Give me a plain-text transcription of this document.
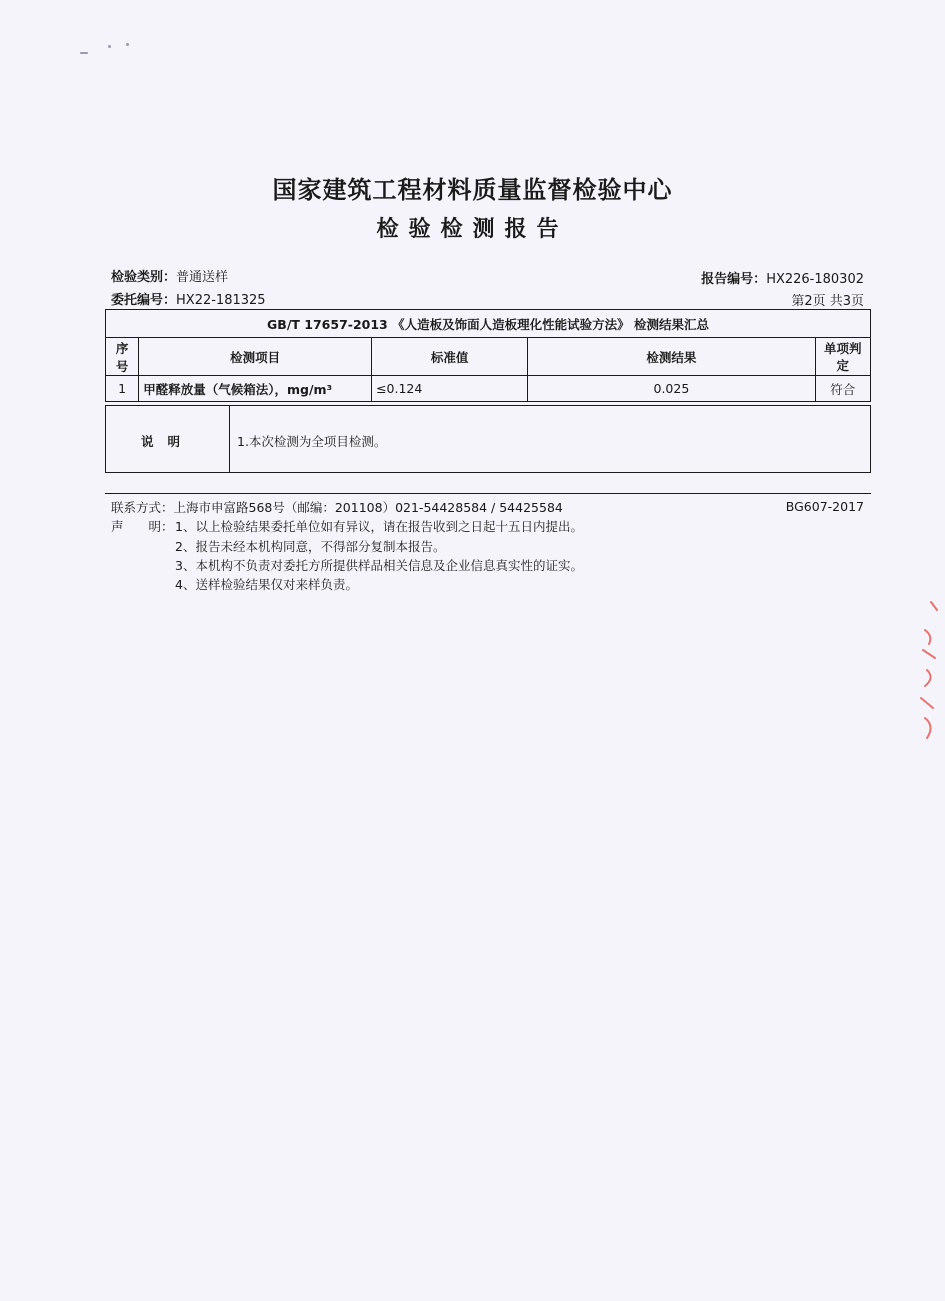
国家建筑工程材料质量监督检验中心
检验检测报告
检验类别：普通送样
委托编号：HX22-181325
报告编号：HX226-180302
第2页 共3页
GB/T 17657-2013 《人造板及饰面人造板理化性能试验方法》 检测结果汇总				
序号	检测项目	标准值	检测结果	单项判定
1	甲醛释放量（气候箱法），mg/m³	≤0.124	0.025	符合
说明	1.本次检测为全项目检测。
联系方式：上海市申富路568号（邮编：201108）021-54428584 / 54425584	BG607-2017
声　　明： 1、以上检验结果委托单位如有异议，请在报告收到之日起十五日内提出。
2、报告未经本机构同意，不得部分复制本报告。
3、本机构不负责对委托方所提供样品相关信息及企业信息真实性的证实。
4、送样检验结果仅对来样负责。
